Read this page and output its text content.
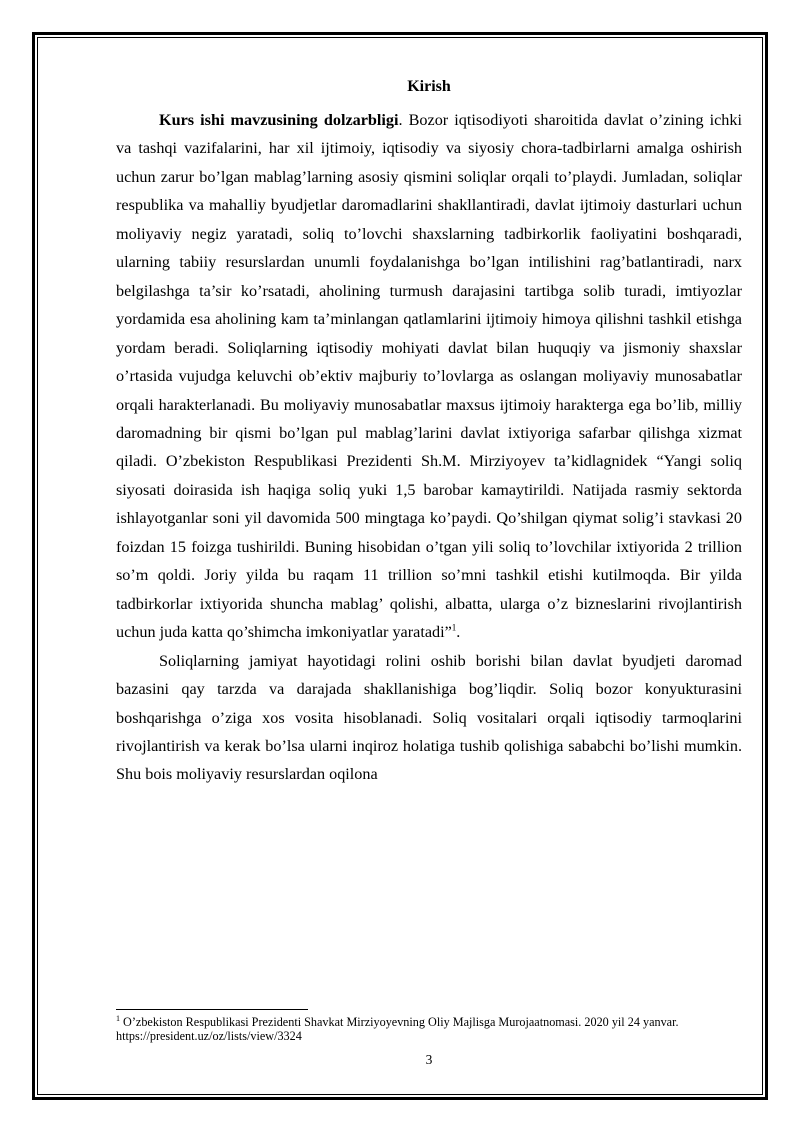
Kirish

Kurs ishi mavzusining dolzarbligi. Bozor iqtisodiyoti sharoitida davlat o’zining ichki va tashqi vazifalarini, har xil ijtimoiy, iqtisodiy va siyosiy chora-tadbirlarni amalga oshirish uchun zarur bo’lgan mablag’larning asosiy qismini soliqlar orqali to’playdi. Jumladan, soliqlar respublika va mahalliy byudjetlar daromadlarini shakllantiradi, davlat ijtimoiy dasturlari uchun moliyaviy negiz yaratadi, soliq to’lovchi shaxslarning tadbirkorlik faoliyatini boshqaradi, ularning tabiiy resurslardan unumli foydalanishga bo’lgan intilishini rag’batlantiradi, narx belgilashga ta’sir ko’rsatadi, aholining turmush darajasini tartibga solib turadi, imtiyozlar yordamida esa aholining kam ta’minlangan qatlamlarini ijtimoiy himoya qilishni tashkil etishga yordam beradi. Soliqlarning iqtisodiy mohiyati davlat bilan huquqiy va jismoniy shaxslar o’rtasida vujudga keluvchi ob’ektiv majburiy to’lovlarga as oslangan moliyaviy munosabatlar orqali harakterlanadi. Bu moliyaviy munosabatlar maxsus ijtimoiy harakterga ega bo’lib, milliy daromadning bir qismi bo’lgan pul mablag’larini davlat ixtiyoriga safarbar qilishga xizmat qiladi. O’zbekiston Respublikasi Prezidenti Sh.M. Mirziyoyev ta’kidlagnidek “Yangi soliq siyosati doirasida ish haqiga soliq yuki 1,5 barobar kamaytirildi. Natijada rasmiy sektorda ishlayotganlar soni yil davomida 500 mingtaga ko’paydi. Qo’shilgan qiymat solig’i stavkasi 20 foizdan 15 foizga tushirildi. Buning hisobidan o’tgan yili soliq to’lovchilar ixtiyorida 2 trillion so’m qoldi. Joriy yilda bu raqam 11 trillion so’mni tashkil etishi kutilmoqda. Bir yilda tadbirkorlar ixtiyorida shuncha mablag’ qolishi, albatta, ularga o’z bizneslarini rivojlantirish uchun juda katta qo’shimcha imkoniyatlar yaratadi”$^1$.

Soliqlarning jamiyat hayotidagi rolini oshib borishi bilan davlat byudjeti daromad bazasini qay tarzda va darajada shakllanishiga bog’liqdir. Soliq bozor konyukturasini boshqarishga o’ziga xos vosita hisoblanadi. Soliq vositalari orqali iqtisodiy tarmoqlarini rivojlantirish va kerak bo’lsa ularni inqiroz holatiga tushib qolishiga sababchi bo’lishi mumkin. Shu bois moliyaviy resurslardan oqilona

$^1$ O’zbekiston Respublikasi Prezidenti Shavkat Mirziyoyevning Oliy Majlisga Murojaatnomasi. 2020 yil 24 yanvar. https://president.uz/oz/lists/view/3324
3
